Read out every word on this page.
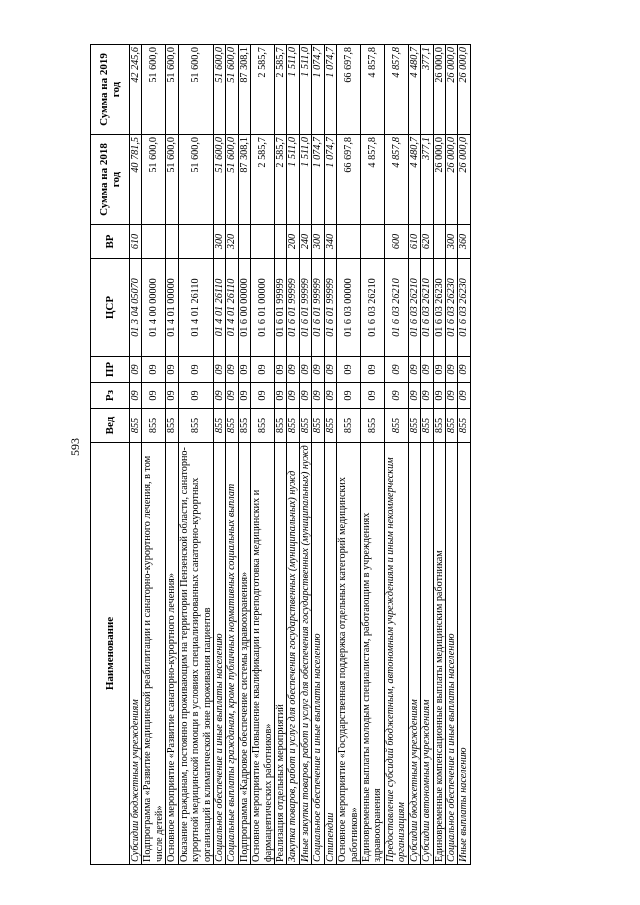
593
Наименование	Вед	Рз	ПР	ЦСР	ВР	Сумма на 2018 год	Сумма на 2019 год
Субсидии бюджетным учреждениям	855	09	09	01 3 04 05070	610	40 781,5	42 245,6
Подпрограмма «Развитие медицинской реабилитации и санаторно-курортного лечения, в том числе детей»	855	09	09	01 4 00 00000		51 600,0	51 600,0
Основное мероприятие «Развитие санаторно-курортного лечения»	855	09	09	01 4 01 00000		51 600,0	51 600,0
Оказание гражданам, постоянно проживающим на территории Пензенской области, санаторно-курортной медицинской помощи в условиях специализированных санаторно-курортных организаций в климатической зоне проживания пациентов	855	09	09	01 4 01 26110		51 600,0	51 600,0
Социальное обеспечение и иные выплаты населению	855	09	09	01 4 01 26110	300	51 600,0	51 600,0
Социальные выплаты гражданам, кроме публичных нормативных социальных выплат	855	09	09	01 4 01 26110	320	51 600,0	51 600,0
Подпрограмма «Кадровое обеспечение системы здравоохранения»	855	09	09	01 6 00 00000		87 308,1	87 308,1
Основное мероприятие «Повышение квалификации и переподготовка медицинских и фармацевтических работников»	855	09	09	01 6 01 00000		2 585,7	2 585,7
Реализация отдельных мероприятий	855	09	09	01 6 01 99999		2 585,7	2 585,7
Закупка товаров, работ и услуг для обеспечения государственных (муниципальных) нужд	855	09	09	01 6 01 99999	200	1 511,0	1 511,0
Иные закупки товаров, работ и услуг для обеспечения государственных (муниципальных) нужд	855	09	09	01 6 01 99999	240	1 511,0	1 511,0
Социальное обеспечение и иные выплаты населению	855	09	09	01 6 01 99999	300	1 074,7	1 074,7
Стипендии	855	09	09	01 6 01 99999	340	1 074,7	1 074,7
Основное мероприятие «Государственная поддержка отдельных категорий медицинских работников»	855	09	09	01 6 03 00000		66 697,8	66 697,8
Единовременные выплаты молодым специалистам, работающим в учреждениях здравоохранения	855	09	09	01 6 03 26210		4 857,8	4 857,8
Предоставление субсидий бюджетным, автономным учреждениям и иным некоммерческим организациям	855	09	09	01 6 03 26210	600	4 857,8	4 857,8
Субсидии бюджетным учреждениям	855	09	09	01 6 03 26210	610	4 480,7	4 480,7
Субсидии автономным учреждениям	855	09	09	01 6 03 26210	620	377,1	377,1
Единовременные компенсационные выплаты медицинским работникам	855	09	09	01 6 03 26230		26 000,0	26 000,0
Социальное обеспечение и иные выплаты населению	855	09	09	01 6 03 26230	300	26 000,0	26 000,0
Иные выплаты населению	855	09	09	01 6 03 26230	360	26 000,0	26 000,0
